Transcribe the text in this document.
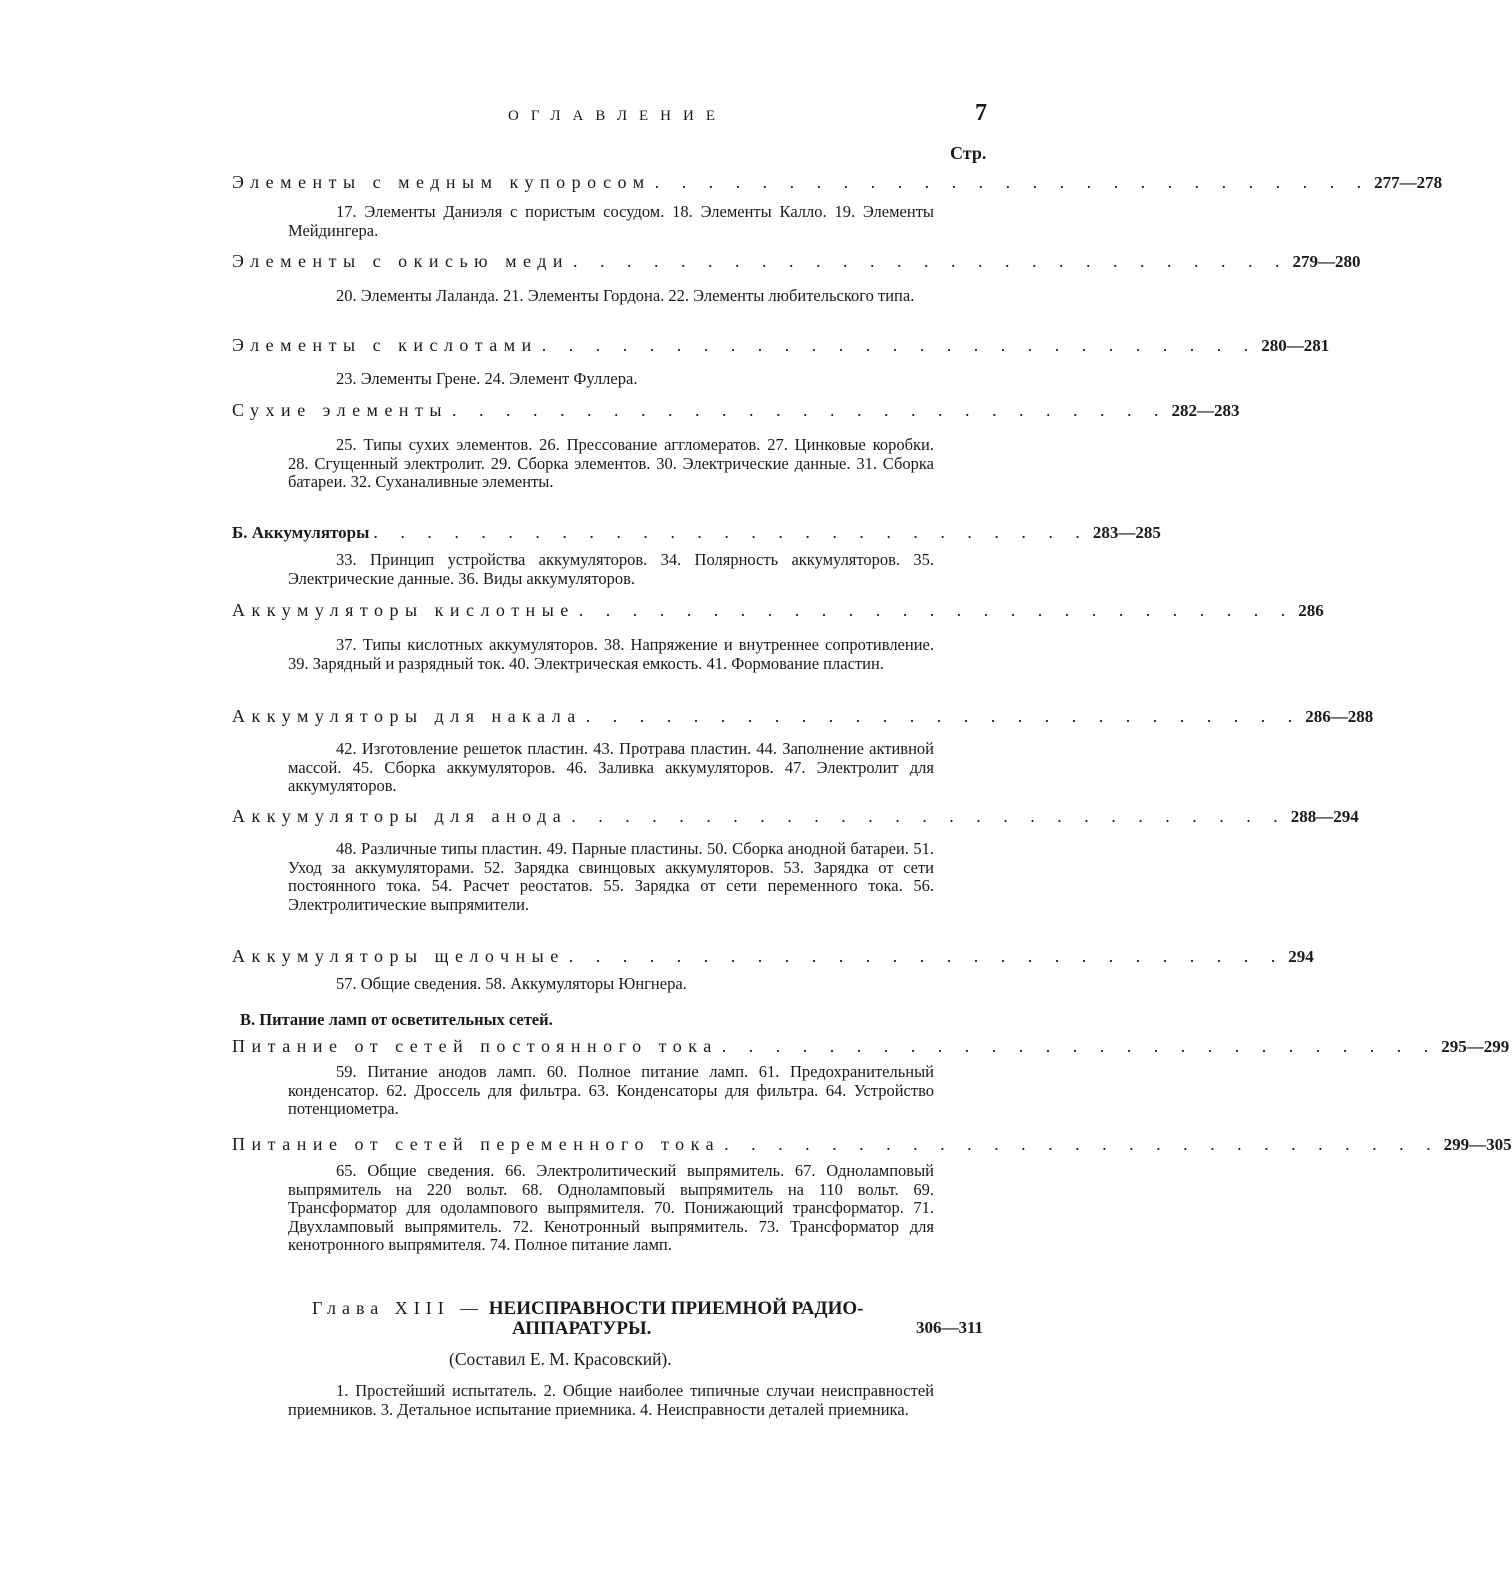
ОГЛАВЛЕНИЕ	7
Стр.
Элементы с медным купоросом . . . . . . . . . . . . . . . . . . . . . . . . . . . 277—278
17. Элементы Даниэля с пористым сосудом. 18. Элементы Калло. 19. Элементы Мейдингера.
Элементы с окисью меди . . . . . . . . . . . . . . . . . . . . . . . . . . . 279—280
20. Элементы Лаланда. 21. Элементы Гордона. 22. Элементы любительского типа.
Элементы с кислотами . . . . . . . . . . . . . . . . . . . . . . . . . . . 280—281
23. Элементы Грене. 24. Элемент Фуллера.
Сухие элементы . . . . . . . . . . . . . . . . . . . . . . . . . . . 282—283
25. Типы сухих элементов. 26. Прессование аггломератов. 27. Цинковые коробки. 28. Сгущенный электролит. 29. Сборка элементов. 30. Электрические данные. 31. Сборка батареи. 32. Суханаливные элементы.
Б. Аккумуляторы . . . . . . . . . . . . . . . . . . . . . . . . . . . 283—285
33. Принцип устройства аккумуляторов. 34. Полярность аккумуляторов. 35. Электрические данные. 36. Виды аккумуляторов.
Аккумуляторы кислотные . . . . . . . . . . . . . . . . . . . . . . . . . . . 286
37. Типы кислотных аккумуляторов. 38. Напряжение и внутреннее сопротивление. 39. Зарядный и разрядный ток. 40. Электрическая емкость. 41. Формование пластин.
Аккумуляторы для накала . . . . . . . . . . . . . . . . . . . . . . . . . . . 286—288
42. Изготовление решеток пластин. 43. Протрава пластин. 44. Заполнение активной массой. 45. Сборка аккумуляторов. 46. Заливка аккумуляторов. 47. Электролит для аккумуляторов.
Аккумуляторы для анода . . . . . . . . . . . . . . . . . . . . . . . . . . . 288—294
48. Различные типы пластин. 49. Парные пластины. 50. Сборка анодной батареи. 51. Уход за аккумуляторами. 52. Зарядка свинцовых аккумуляторов. 53. Зарядка от сети постоянного тока. 54. Расчет реостатов. 55. Зарядка от сети переменного тока. 56. Электролитические выпрямители.
Аккумуляторы щелочные . . . . . . . . . . . . . . . . . . . . . . . . . . . 294
57. Общие сведения. 58. Аккумуляторы Юнгнера.
В. Питание ламп от осветительных сетей.
Питание от сетей постоянного тока . . . . . . . . . . . . . . . . . . . . . . . . . . . 295—299
59. Питание анодов ламп. 60. Полное питание ламп. 61. Предохранительный конденсатор. 62. Дроссель для фильтра. 63. Конденсаторы для фильтра. 64. Устройство потенциометра.
Питание от сетей переменного тока . . . . . . . . . . . . . . . . . . . . . . . . . . . 299—305
65. Общие сведения. 66. Электролитический выпрямитель. 67. Одноламповый выпрямитель на 220 вольт. 68. Одноламповый выпрямитель на 110 вольт. 69. Трансформатор для одолампового выпрямителя. 70. Понижающий трансформатор. 71. Двухламповый выпрямитель. 72. Кенотронный выпрямитель. 73. Трансформатор для кенотронного выпрямителя. 74. Полное питание ламп.
Глава XIII — НЕИСПРАВНОСТИ ПРИЕМНОЙ РАДИО-
АППАРАТУРЫ.	306—311
(Составил Е. М. Красовский).
1. Простейший испытатель. 2. Общие наиболее типичные случаи неисправностей приемников. 3. Детальное испытание приемника. 4. Неисправности деталей приемника.
